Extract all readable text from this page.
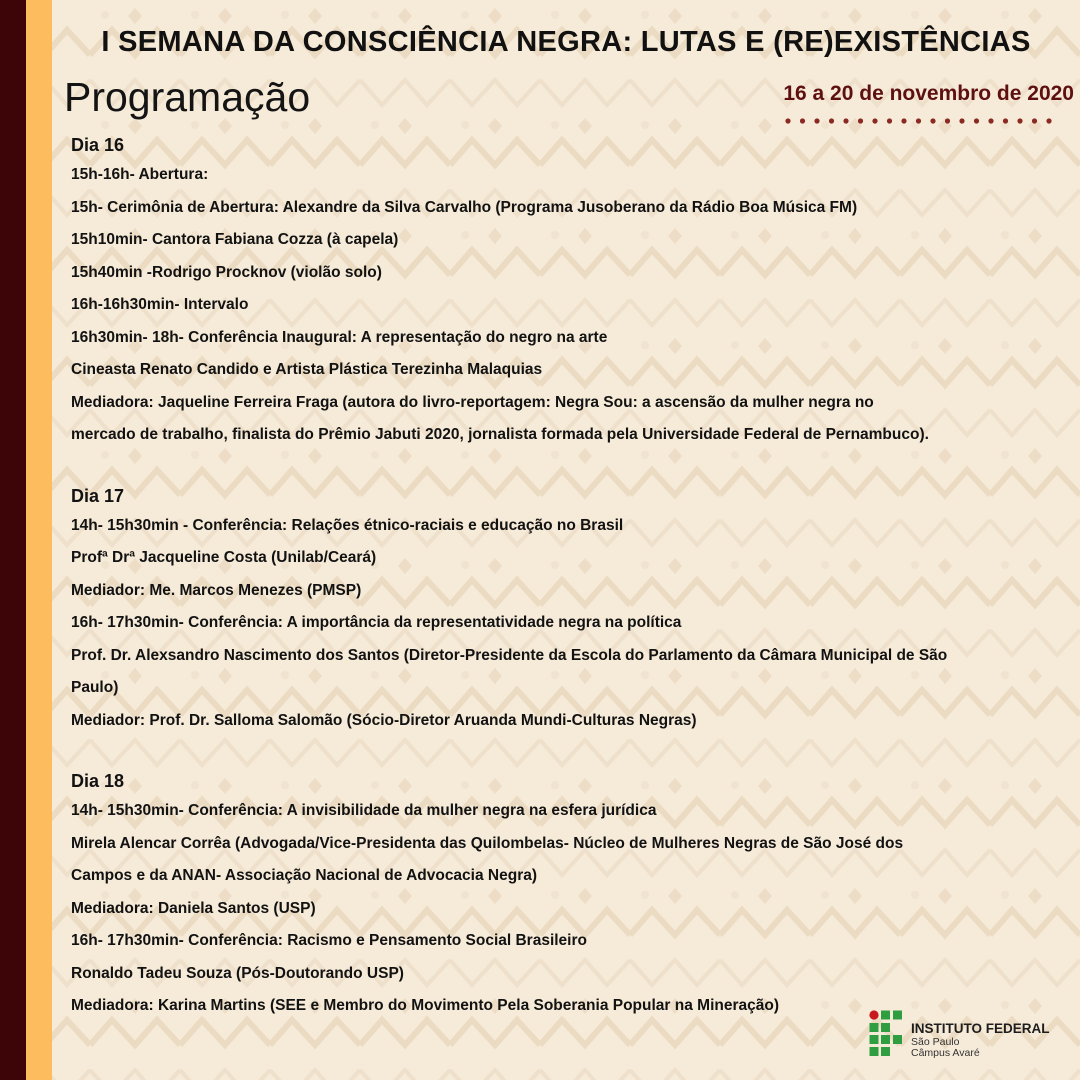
I SEMANA DA CONSCIÊNCIA NEGRA: LUTAS E (RE)EXISTÊNCIAS
Programação	16 a 20 de novembro de 2020
Dia 16
15h-16h- Abertura:
15h- Cerimônia de Abertura: Alexandre da Silva Carvalho (Programa Jusoberano da Rádio Boa Música FM)
15h10min- Cantora Fabiana Cozza (à capela)
15h40min -Rodrigo Procknov (violão solo)
16h-16h30min- Intervalo
16h30min- 18h- Conferência Inaugural: A representação do negro na arte
Cineasta Renato Candido e Artista Plástica Terezinha Malaquias
Mediadora: Jaqueline Ferreira Fraga (autora do livro-reportagem: Negra Sou: a ascensão da mulher negra no
mercado de trabalho, finalista do Prêmio Jabuti 2020, jornalista formada pela Universidade Federal de Pernambuco).
Dia 17
14h- 15h30min - Conferência: Relações étnico-raciais e educação no Brasil
Profª Drª Jacqueline Costa (Unilab/Ceará)
Mediador: Me. Marcos Menezes (PMSP)
16h- 17h30min- Conferência: A importância da representatividade negra na política
Prof. Dr. Alexsandro Nascimento dos Santos (Diretor-Presidente da Escola do Parlamento da Câmara Municipal de São
Paulo)
Mediador: Prof. Dr. Salloma Salomão (Sócio-Diretor Aruanda Mundi-Culturas Negras)
Dia 18
14h- 15h30min- Conferência: A invisibilidade da mulher negra na esfera jurídica
Mirela Alencar Corrêa (Advogada/Vice-Presidenta das Quilombelas- Núcleo de Mulheres Negras de São José dos
Campos e da ANAN- Associação Nacional de Advocacia Negra)
Mediadora: Daniela Santos (USP)
16h- 17h30min- Conferência: Racismo e Pensamento Social Brasileiro
Ronaldo Tadeu Souza (Pós-Doutorando USP)
Mediadora: Karina Martins (SEE e Membro do Movimento Pela Soberania Popular na Mineração)
INSTITUTO FEDERAL
São Paulo
Câmpus Avaré
